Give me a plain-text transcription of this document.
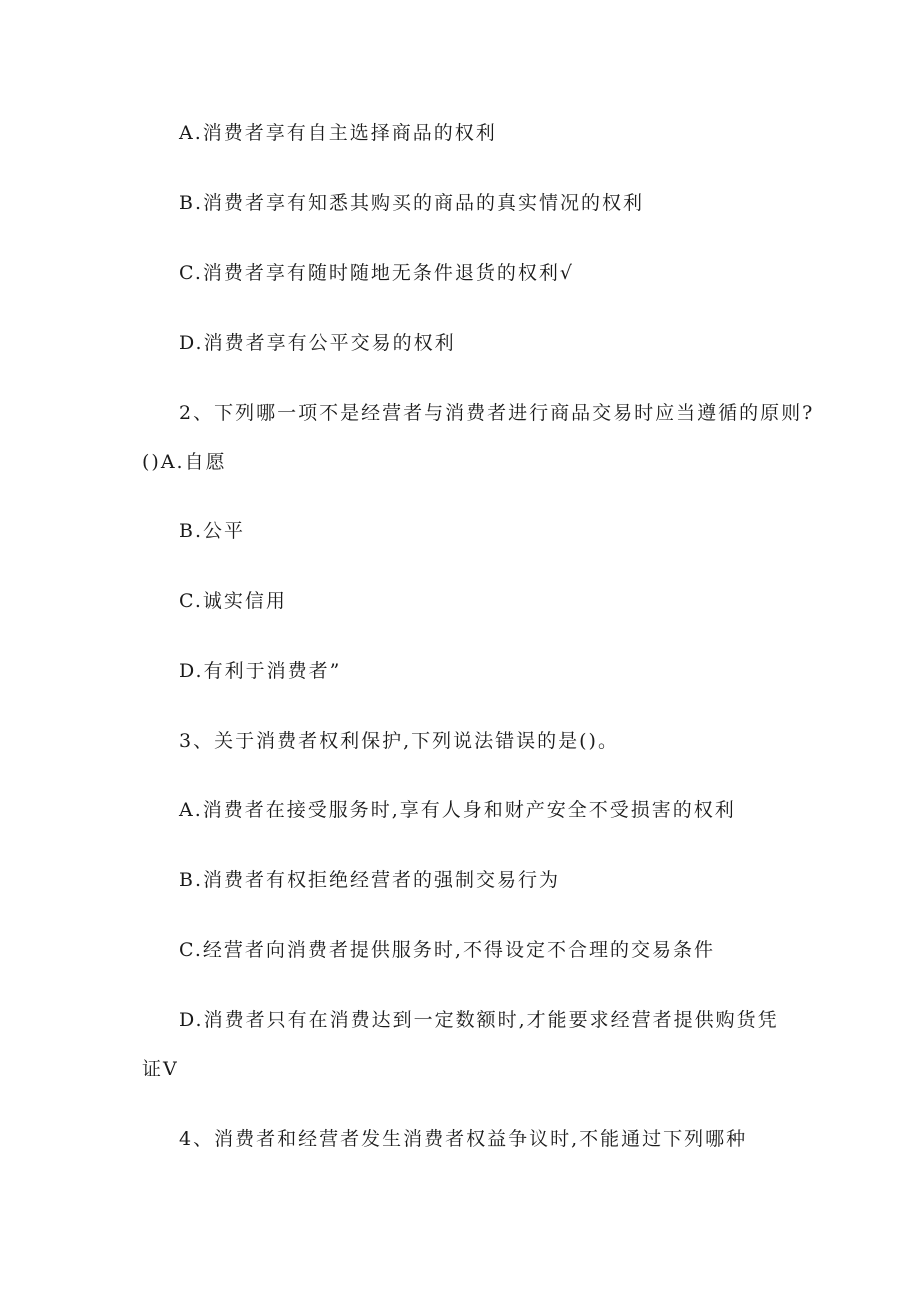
A.消费者享有自主选择商品的权利
B.消费者享有知悉其购买的商品的真实情况的权利
C.消费者享有随时随地无条件退货的权利√
D.消费者享有公平交易的权利
2、下列哪一项不是经营者与消费者进行商品交易时应当遵循的原则?
()A.自愿
B.公平
C.诚实信用
D.有利于消费者”
3、关于消费者权利保护,下列说法错误的是()。
A.消费者在接受服务时,享有人身和财产安全不受损害的权利
B.消费者有权拒绝经营者的强制交易行为
C.经营者向消费者提供服务时,不得设定不合理的交易条件
D.消费者只有在消费达到一定数额时,才能要求经营者提供购货凭
证V
4、消费者和经营者发生消费者权益争议时,不能通过下列哪种
